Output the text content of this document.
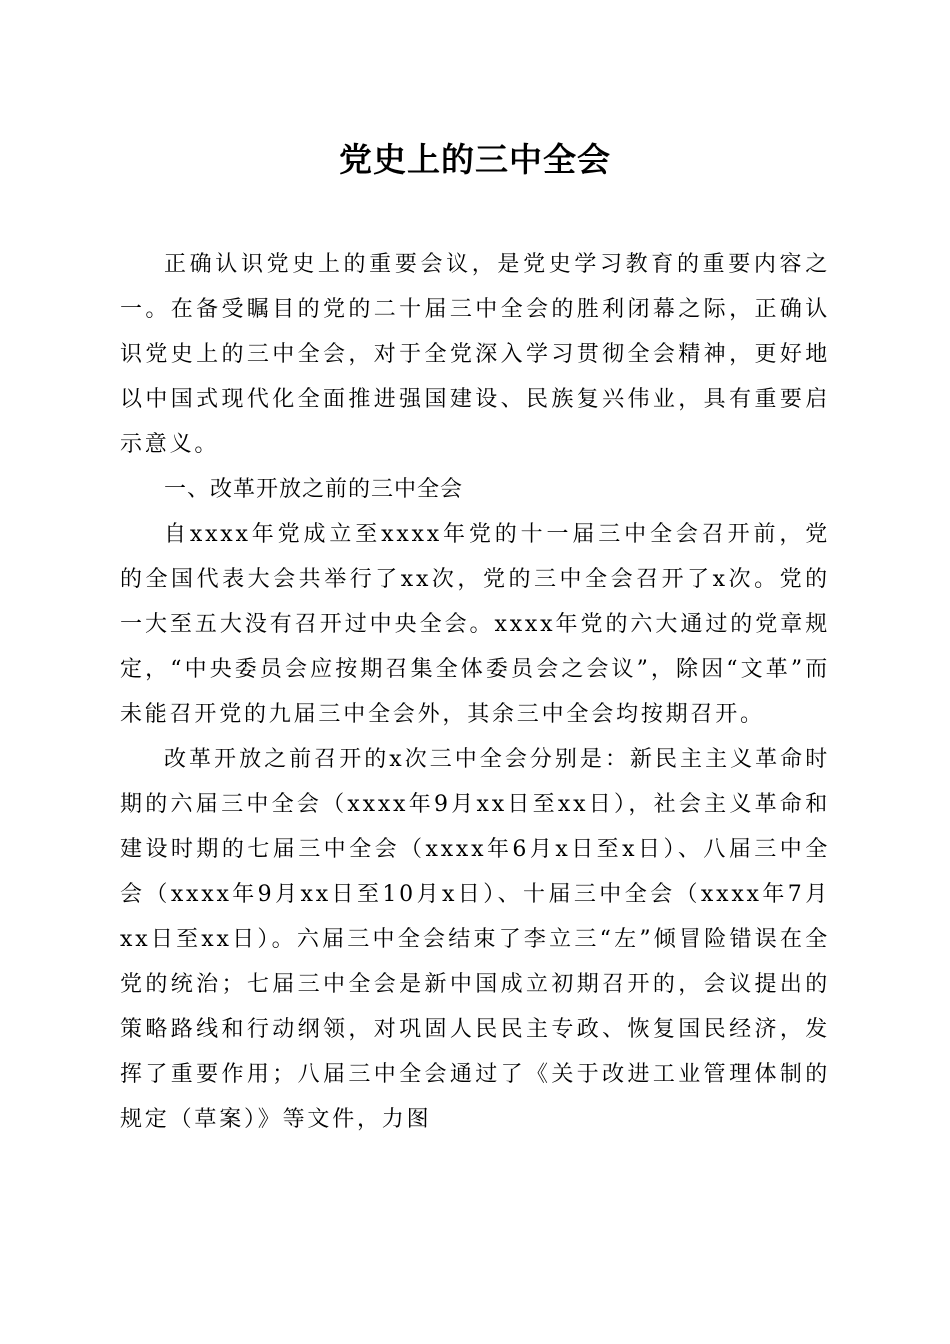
党史上的三中全会

正确认识党史上的重要会议，是党史学习教育的重要内容之一。在备受瞩目的党的二十届三中全会的胜利闭幕之际，正确认识党史上的三中全会，对于全党深入学习贯彻全会精神，更好地以中国式现代化全面推进强国建设、民族复兴伟业，具有重要启示意义。

一、改革开放之前的三中全会

自xxxx年党成立至xxxx年党的十一届三中全会召开前，党的全国代表大会共举行了xx次，党的三中全会召开了x次。党的一大至五大没有召开过中央全会。xxxx年党的六大通过的党章规定，“中央委员会应按期召集全体委员会之会议”，除因“文革”而未能召开党的九届三中全会外，其余三中全会均按期召开。

改革开放之前召开的x次三中全会分别是：新民主主义革命时期的六届三中全会（xxxx年9月xx日至xx日），社会主义革命和建设时期的七届三中全会（xxxx年6月x日至x日）、八届三中全会（xxxx年9月xx日至10月x日）、十届三中全会（xxxx年7月xx日至xx日）。六届三中全会结束了李立三“左”倾冒险错误在全党的统治；七届三中全会是新中国成立初期召开的，会议提出的策略路线和行动纲领，对巩固人民民主专政、恢复国民经济，发挥了重要作用；八届三中全会通过了《关于改进工业管理体制的规定（草案）》等文件，力图
